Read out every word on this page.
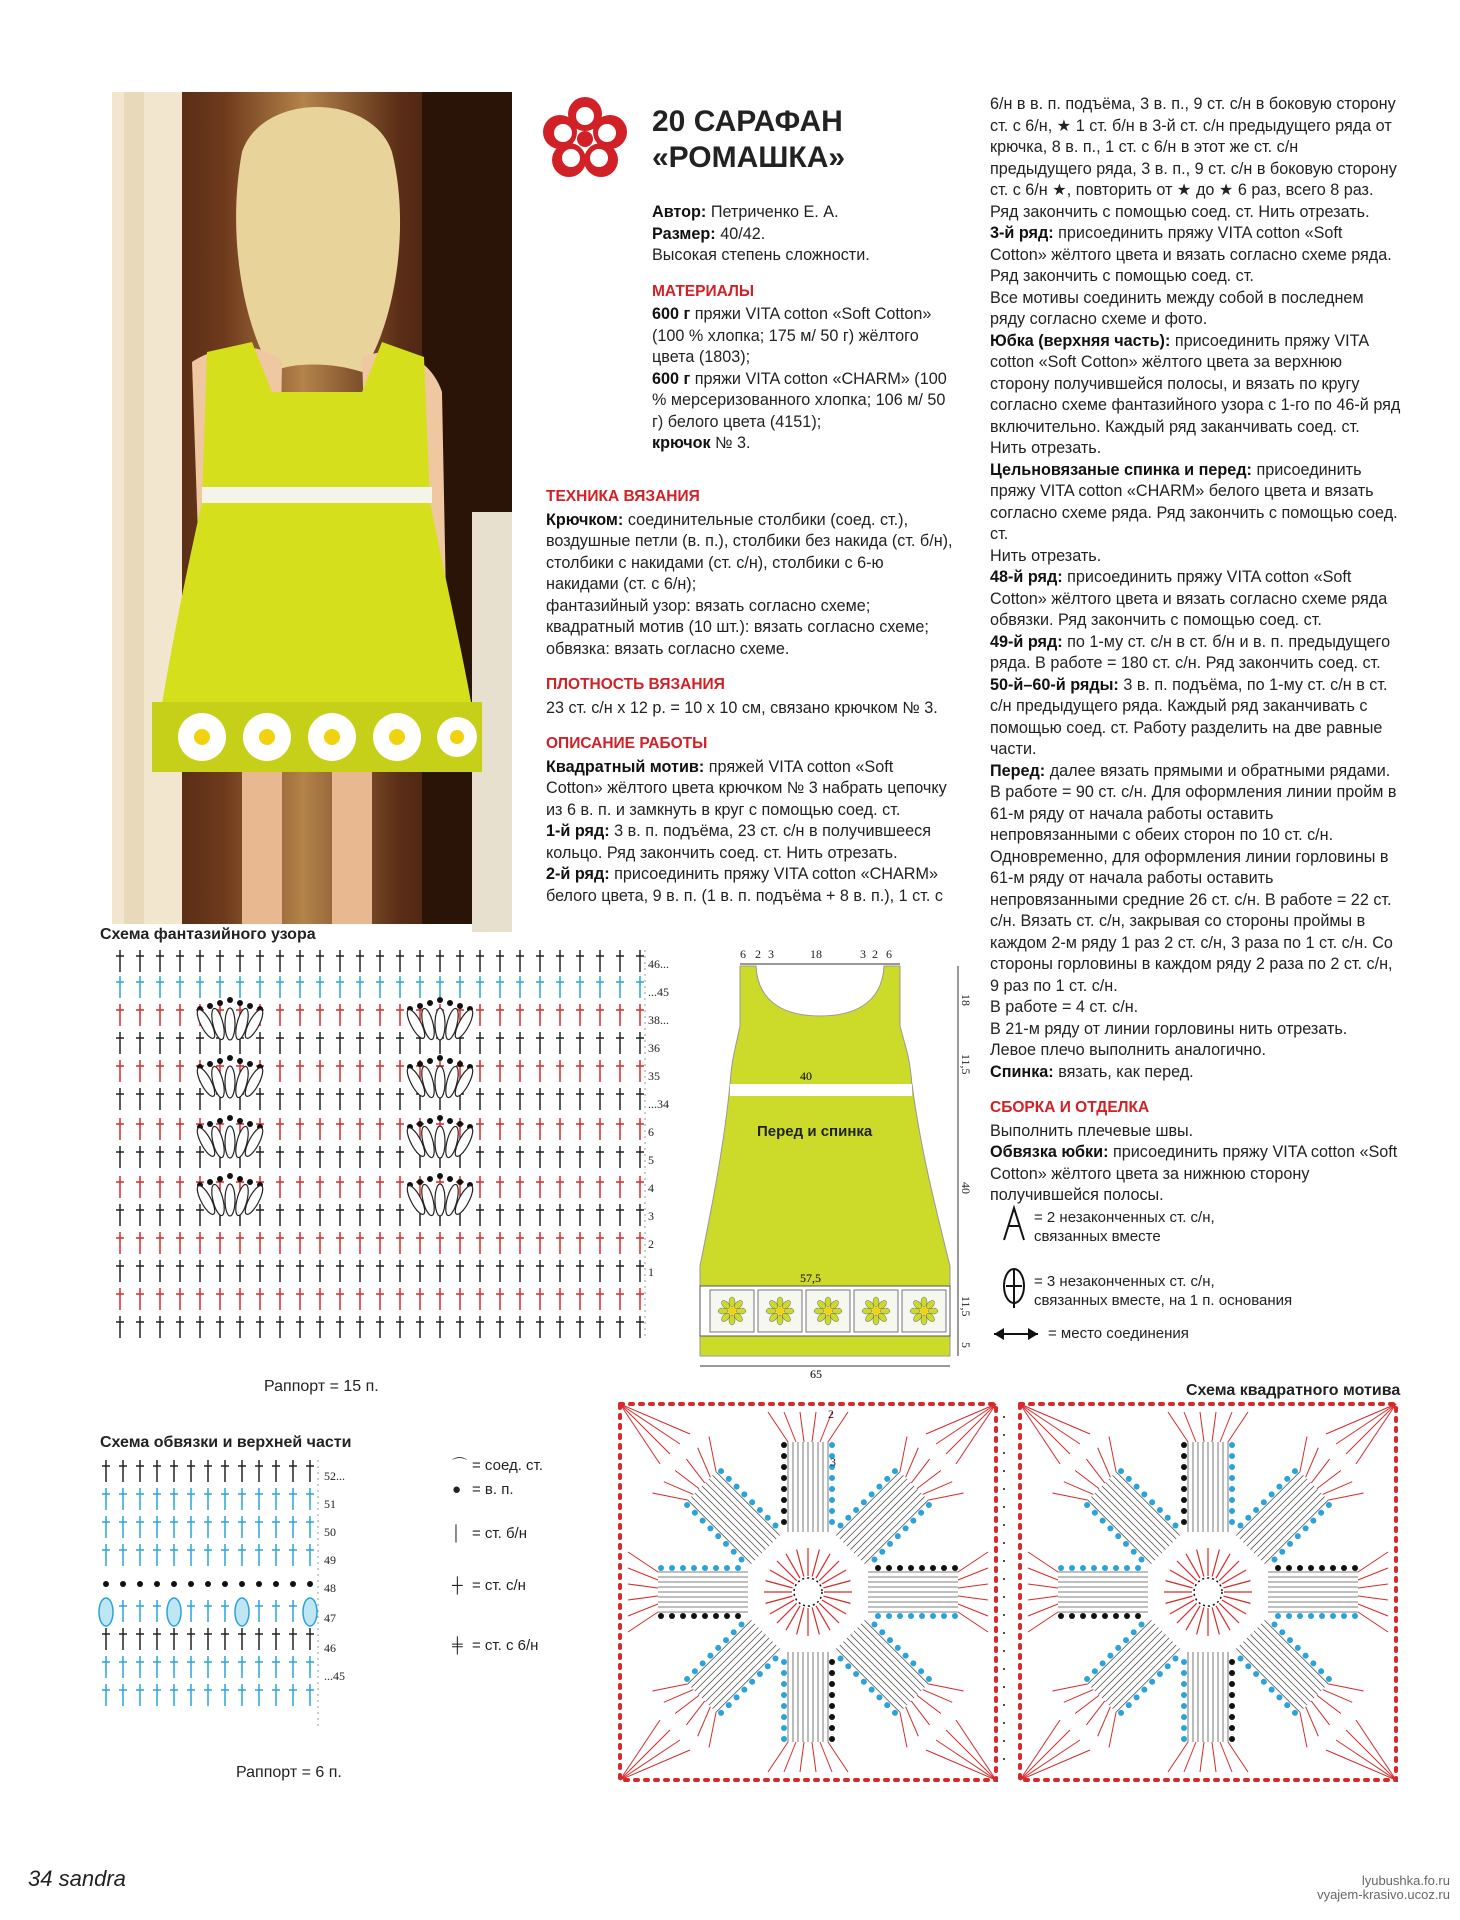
20 САРАФАН
«РОМАШКА»

Автор: Петриченко Е. А.

Размер: 40/42.

Высокая степень сложности.

МАТЕРИАЛЫ

600 г пряжи VITA cotton «Soft Cotton» (100 % хлопка; 175 м/ 50 г) жёлтого цвета (1803);

600 г пряжи VITA cotton «CHARM» (100 % мерсеризованного хлопка; 106 м/ 50 г) белого цвета (4151);

крючок № 3.

ТЕХНИКА ВЯЗАНИЯ

Крючком: соединительные столбики (соед. ст.), воздушные петли (в. п.), столбики без накида (ст. б/н), столбики с накидами (ст. с/н), столбики с 6-ю накидами (ст. с 6/н);

фантазийный узор: вязать согласно схеме;

квадратный мотив (10 шт.): вязать согласно схеме;

обвязка: вязать согласно схеме.

ПЛОТНОСТЬ ВЯЗАНИЯ

23 ст. с/н х 12 р. = 10 х 10 см, связано крючком № 3.

ОПИСАНИЕ РАБОТЫ

Квадратный мотив: пряжей VITA cotton «Soft Cotton» жёлтого цвета крючком № 3 набрать цепочку из 6 в. п. и замкнуть в круг с помощью соед. ст.

1-й ряд: 3 в. п. подъёма, 23 ст. с/н в получившееся кольцо. Ряд закончить соед. ст. Нить отрезать.

2-й ряд: присоединить пряжу VITA cotton «CHARM» белого цвета, 9 в. п. (1 в. п. подъёма + 8 в. п.), 1 ст. с

6/н в в. п. подъёма, 3 в. п., 9 ст. с/н в боковую сторону ст. с 6/н, ★ 1 ст. б/н в 3-й ст. с/н предыдущего ряда от крючка, 8 в. п., 1 ст. с 6/н в этот же ст. с/н предыдущего ряда, 3 в. п., 9 ст. с/н в боковую сторону ст. с 6/н ★, повторить от ★ до ★ 6 раз, всего 8 раз. Ряд закончить с помощью соед. ст. Нить отрезать.

3-й ряд: присоединить пряжу VITA cotton «Soft Cotton» жёлтого цвета и вязать согласно схеме ряда. Ряд закончить с помощью соед. ст.

Все мотивы соединить между собой в последнем ряду согласно схеме и фото.

Юбка (верхняя часть): присоединить пряжу VITA cotton «Soft Cotton» жёлтого цвета за верхнюю сторону получившейся полосы, и вязать по кругу согласно схеме фантазийного узора с 1-го по 46-й ряд включительно. Каждый ряд заканчивать соед. ст.

Нить отрезать.

Цельновязаные спинка и перед: присоединить пряжу VITA cotton «CHARM» белого цвета и вязать согласно схеме ряда. Ряд закончить с помощью соед. ст.

Нить отрезать.

48-й ряд: присоединить пряжу VITA cotton «Soft Cotton» жёлтого цвета и вязать согласно схеме ряда обвязки. Ряд закончить с помощью соед. ст.

49-й ряд: по 1-му ст. с/н в ст. б/н и в. п. предыдущего ряда. В работе = 180 ст. с/н. Ряд закончить соед. ст.

50-й–60-й ряды: 3 в. п. подъёма, по 1-му ст. с/н в ст. с/н предыдущего ряда. Каждый ряд заканчивать с помощью соед. ст. Работу разделить на две равные части.

Перед: далее вязать прямыми и обратными рядами. В работе = 90 ст. с/н. Для оформления линии пройм в 61-м ряду от начала работы оставить непровязанными с обеих сторон по 10 ст. с/н. Одновременно, для оформления линии горловины в 61-м ряду от начала работы оставить непровязанными средние 26 ст. с/н. В работе = 22 ст. с/н. Вязать ст. с/н, закрывая со стороны проймы в каждом 2-м ряду 1 раз 2 ст. с/н, 3 раза по 1 ст. с/н. Со стороны горловины в каждом ряду 2 раза по 2 ст. с/н, 9 раз по 1 ст. с/н.

В работе = 4 ст. с/н.

В 21-м ряду от линии горловины нить отрезать.

Левое плечо выполнить аналогично.

Спинка: вязать, как перед.

СБОРКА И ОТДЕЛКА

Выполнить плечевые швы.

Обвязка юбки: присоединить пряжу VITA cotton «Soft Cotton» жёлтого цвета за нижнюю сторону получившейся полосы.

= 2 незаконченных ст. с/н,
связанных вместе
= 3 незаконченных ст. с/н,
связанных вместе, на 1 п. основания
= место соединения
Схема фантазийного узора
46...
...45
38...
36
35
...34
6
5
4
3
2
1
Раппорт = 15 п.
6 2 3	18	3 2 6
Перед и спинка
40
57,5
65
18
11,5
40
11,5
5
Схема обвязки и верхней части
52...
51
50
49
48
47
46
...45
Раппорт = 6 п.
⌒ = соед. ст.
● = в. п.
│ = ст. б/н
┼ = ст. с/н
╪ = ст. с 6/н
Схема квадратного мотива
2
3
34 sandra	lyubushka.fo.ru
vyajem-krasivo.ucoz.ru
